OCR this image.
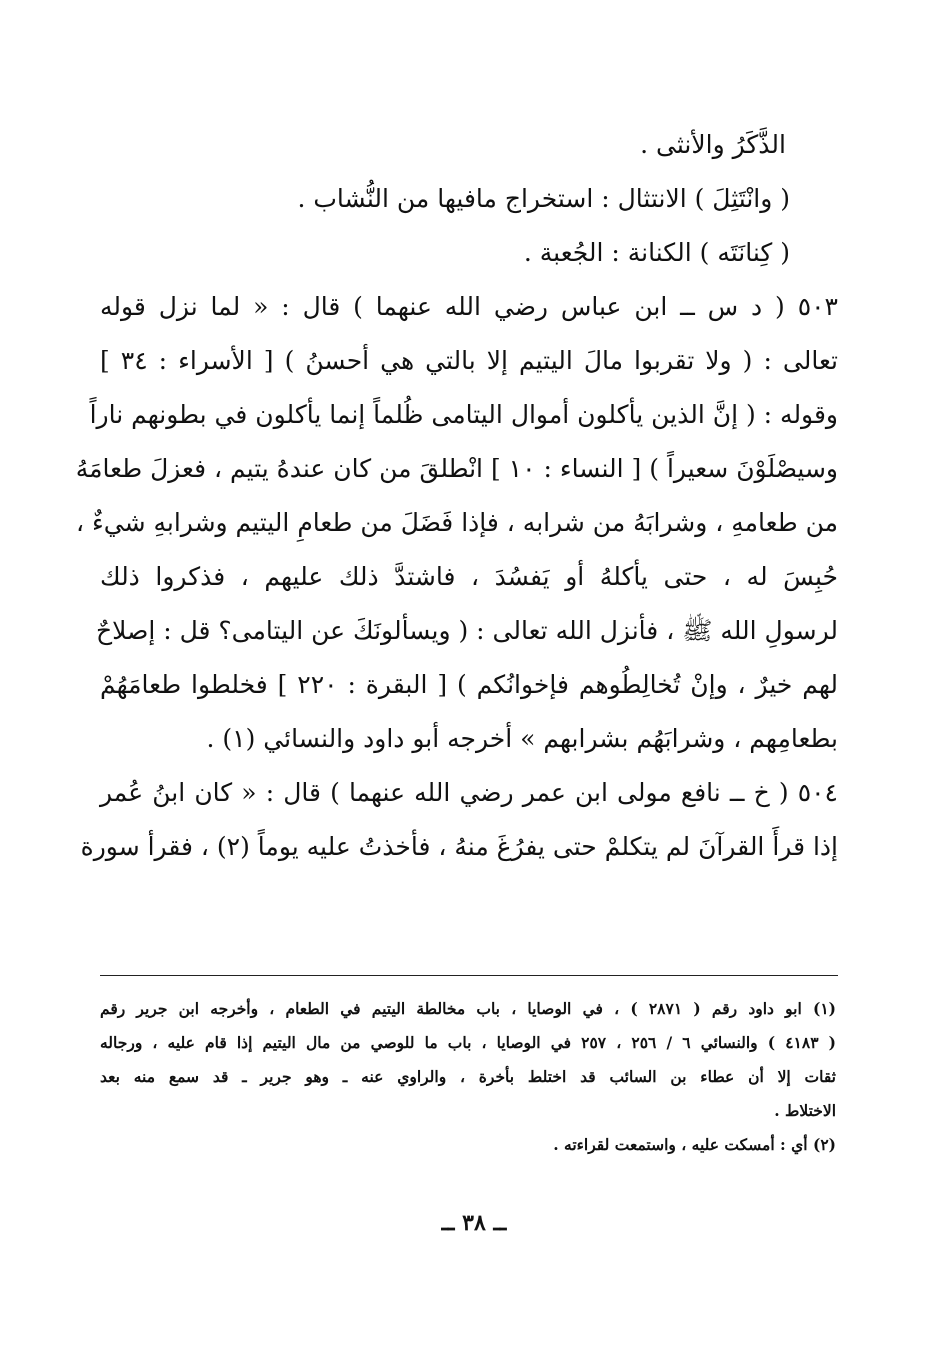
الذَّكَرُ والأنثى .
( وانْتَثِلَ ) الانتثال : استخراج مافيها من النُّشاب .
( كِنانَتَه ) الكنانة : الجُعبة .
٥٠٣ ( د س ــ ابن عباس رضي الله عنهما ) قال : « لما نزل قوله
تعالى : ( ولا تقربوا مالَ اليتيم إلا بالتي هي أحسنُ ) [ الأسراء : ٣٤ ]
وقوله : ( إنَّ الذين يأكلون أموال اليتامى ظُلماً إنما يأكلون في بطونهم ناراً
وسيصْلَوْنَ سعيراً ) [ النساء : ١٠ ] انْطلقَ من كان عندهُ يتيم ، فعزلَ طعامَهُ
من طعامهِ ، وشرابَهُ من شرابه ، فإذا فَضَلَ من طعامِ اليتيم وشرابهِ شيءٌ ،
حُبِسَ له ، حتى يأكلهُ أو يَفسُدَ ، فاشتدَّ ذلك عليهم ، فذكروا ذلك
لرسولِ الله ﷺ ، فأنزل الله تعالى : ( ويسألونَكَ عن اليتامى؟ قل : إصلاحٌ
لهم خيرٌ ، وإنْ تُخالِطُوهم فإخوانُكم ) [ البقرة : ٢٢٠ ] فخلطوا طعامَهُمْ
بطعامِهم ، وشرابَهُم بشرابهم » أخرجه أبو داود والنسائي (١) .
٥٠٤ ( خ ــ نافع مولى ابن عمر رضي الله عنهما ) قال : « كان ابنُ عُمر
إذا قرأَ القرآنَ لم يتكلمْ حتى يفرُغَ منهُ ، فأخذتُ عليه يوماً (٢) ، فقرأ سورة
(١) ابو داود رقم ( ٢٨٧١ ) ، في الوصايا ، باب مخالطة اليتيم في الطعام ، وأخرجه ابن جرير رقم
( ٤١٨٣ ) والنسائي ٦ / ٢٥٦ ، ٢٥٧ في الوصايا ، باب ما للوصي من مال اليتيم إذا قام عليه ، ورجاله
ثقات إلا أن عطاء بن السائب قد اختلط بأخرة ، والراوي عنه ـ وهو جرير ـ قد سمع منه بعد
الاختلاط .
(٢) أي : أمسكت عليه ، واستمعت لقراءته .
ــ ٣٨ ــ
